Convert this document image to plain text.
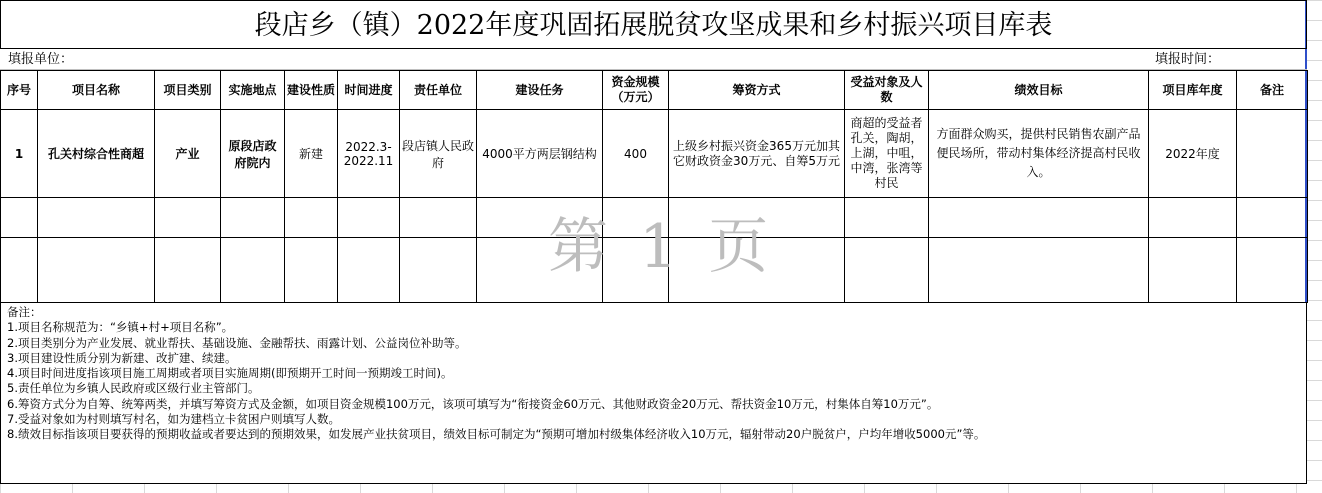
段店乡（镇）2022年度巩固拓展脱贫攻坚成果和乡村振兴项目库表
填报单位：	填报时间：
序号	项目名称	项目类别	实施地点	建设性质	时间进度	责任单位	建设任务	资金规模（万元）	筹资方式	受益对象及人数	绩效目标	项目库年度	备注
1	孔关村综合性商超	产业	原段店政府院内	新建	2022.3-2022.11	段店镇人民政府	4000平方两层钢结构	400	上级乡村振兴资金365万元加其它财政资金30万元、自筹5万元	商超的受益者孔关，陶胡，上湖，中咀，中湾，张湾等村民	方面群众购买，提供村民销售农副产品便民场所，带动村集体经济提高村民收入。	2022年度	

第 1 页
备注：
1.项目名称规范为：“乡镇+村+项目名称”。
2.项目类别分为产业发展、就业帮扶、基础设施、金融帮扶、雨露计划、公益岗位补助等。
3.项目建设性质分别为新建、改扩建、续建。
4.项目时间进度指该项目施工周期或者项目实施周期(即预期开工时间一预期竣工时间)。
5.责任单位为乡镇人民政府或区级行业主管部门。
6.筹资方式分为自筹、统筹两类，并填写筹资方式及金额，如项目资金规模100万元，该项可填写为“衔接资金60万元、其他财政资金20万元、帮扶资金10万元，村集体自筹10万元”。
7.受益对象如为村则填写村名，如为建档立卡贫困户则填写人数。
8.绩效目标指该项目要获得的预期收益或者要达到的预期效果，如发展产业扶贫项目，绩效目标可制定为“预期可增加村级集体经济收入10万元，辐射带动20户脱贫户，户均年增收5000元”等。
